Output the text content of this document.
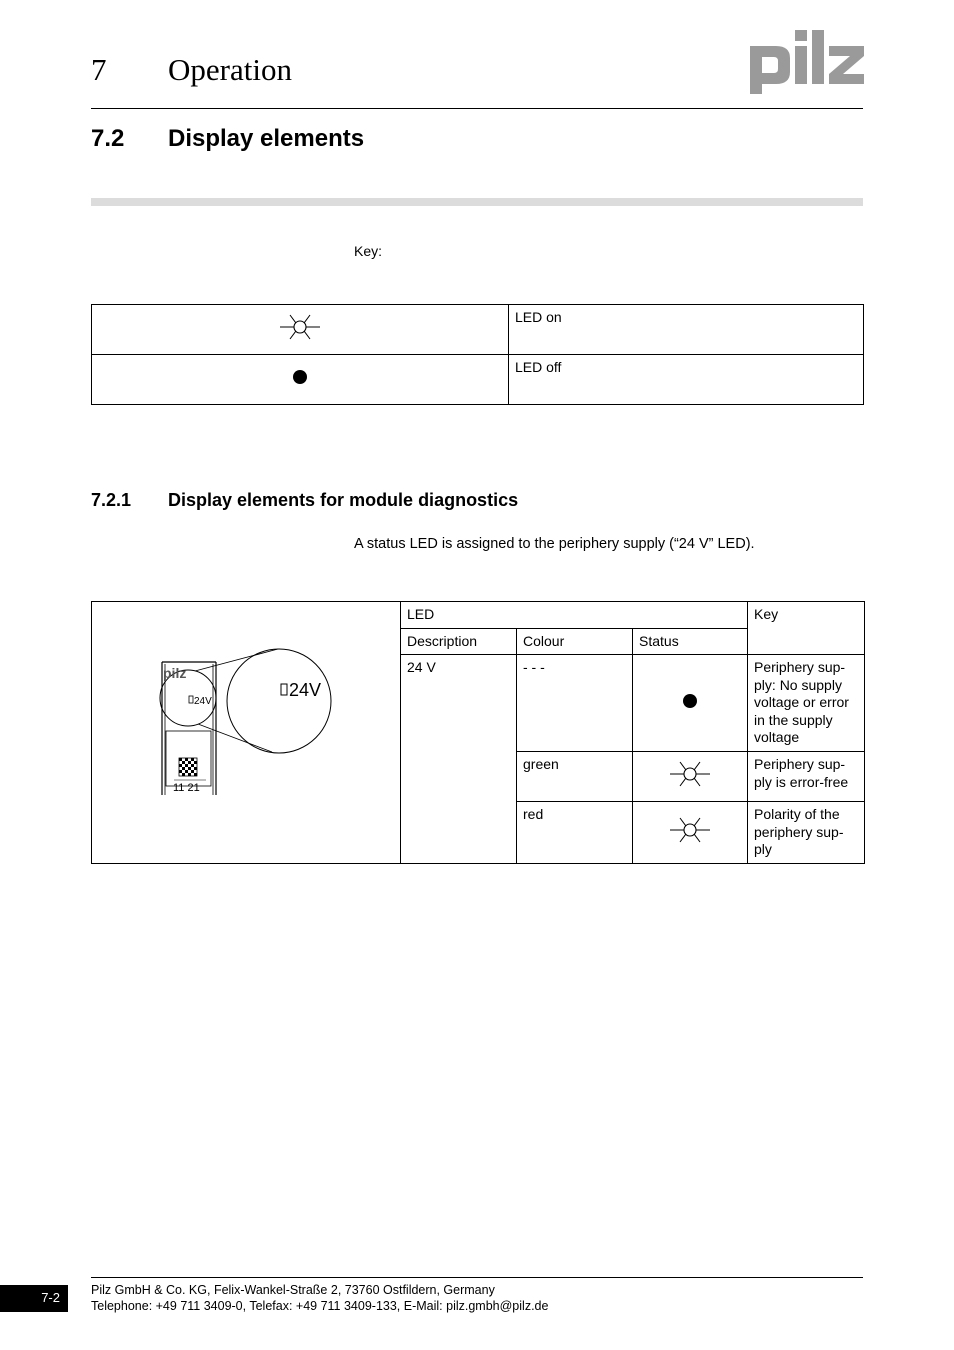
7 Operation
7.2 Display elements
Key:
	LED on
	LED off
7.2.1 Display elements for module diagnostics
A status LED is assigned to the periphery supply (“24 V” LED).
pilz
24V
24V
11 21	LED			Key
	Description	Colour	Status	
	24 V	- - -		Periphery sup-
ply: No supply voltage or error in the supply voltage
		green		Periphery sup-
ply is error-free
		red		Polarity of the periphery sup-
ply
7-2	Pilz GmbH & Co. KG, Felix-Wankel-Straße 2, 73760 Ostfildern, Germany
Telephone: +49 711 3409-0, Telefax: +49 711 3409-133, E-Mail: pilz.gmbh@pilz.de
